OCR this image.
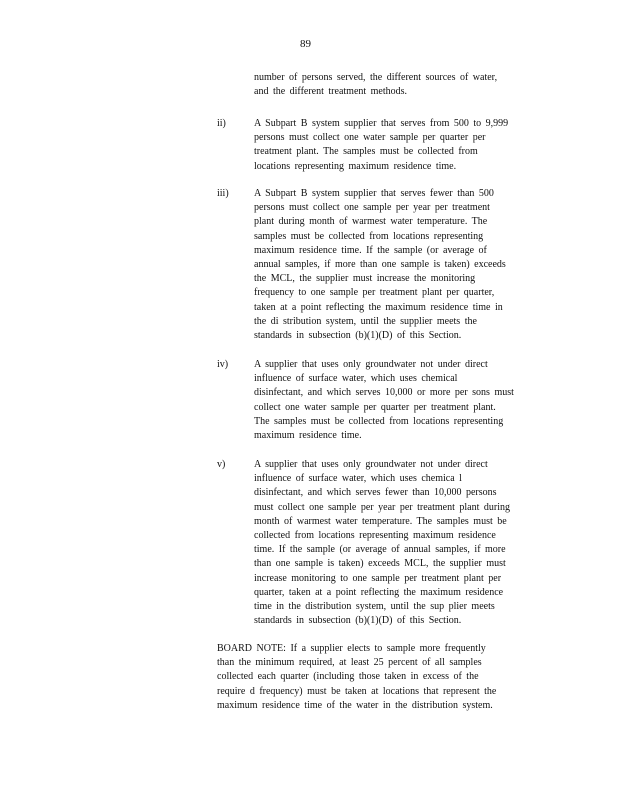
89
number of persons served, the different sources of water,
and the different treatment methods.
ii)	A Subpart B system supplier that serves from 500 to 9,999
persons must collect one water sample per quarter per
treatment plant. The samples must be collected from
locations representing maximum residence time.
iii)	A Subpart B system supplier that serves fewer than 500
persons must collect one sample per year per treatment
plant during month of warmest water temperature. The
samples must be collected from locations representing
maximum residence time. If the sample (or average of
annual samples, if more than one sample is taken) exceeds
the MCL, the supplier must increase the monitoring
frequency to one sample per treatment plant per quarter,
taken at a point reflecting the maximum residence time in
the di stribution system, until the supplier meets the
standards in subsection (b)(1)(D) of this Section.
iv)	A supplier that uses only groundwater not under direct
influence of surface water, which uses chemical
disinfectant, and which serves 10,000 or more per sons must
collect one water sample per quarter per treatment plant.
The samples must be collected from locations representing
maximum residence time.
v)	A supplier that uses only groundwater not under direct
influence of surface water, which uses chemica l
disinfectant, and which serves fewer than 10,000 persons
must collect one sample per year per treatment plant during
month of warmest water temperature. The samples must be
collected from locations representing maximum residence
time. If the sample (or average of annual samples, if more
than one sample is taken) exceeds MCL, the supplier must
increase monitoring to one sample per treatment plant per
quarter, taken at a point reflecting the maximum residence
time in the distribution system, until the sup plier meets
standards in subsection (b)(1)(D) of this Section.
BOARD NOTE: If a supplier elects to sample more frequently
than the minimum required, at least 25 percent of all samples
collected each quarter (including those taken in excess of the
require d frequency) must be taken at locations that represent the
maximum residence time of the water in the distribution system.
